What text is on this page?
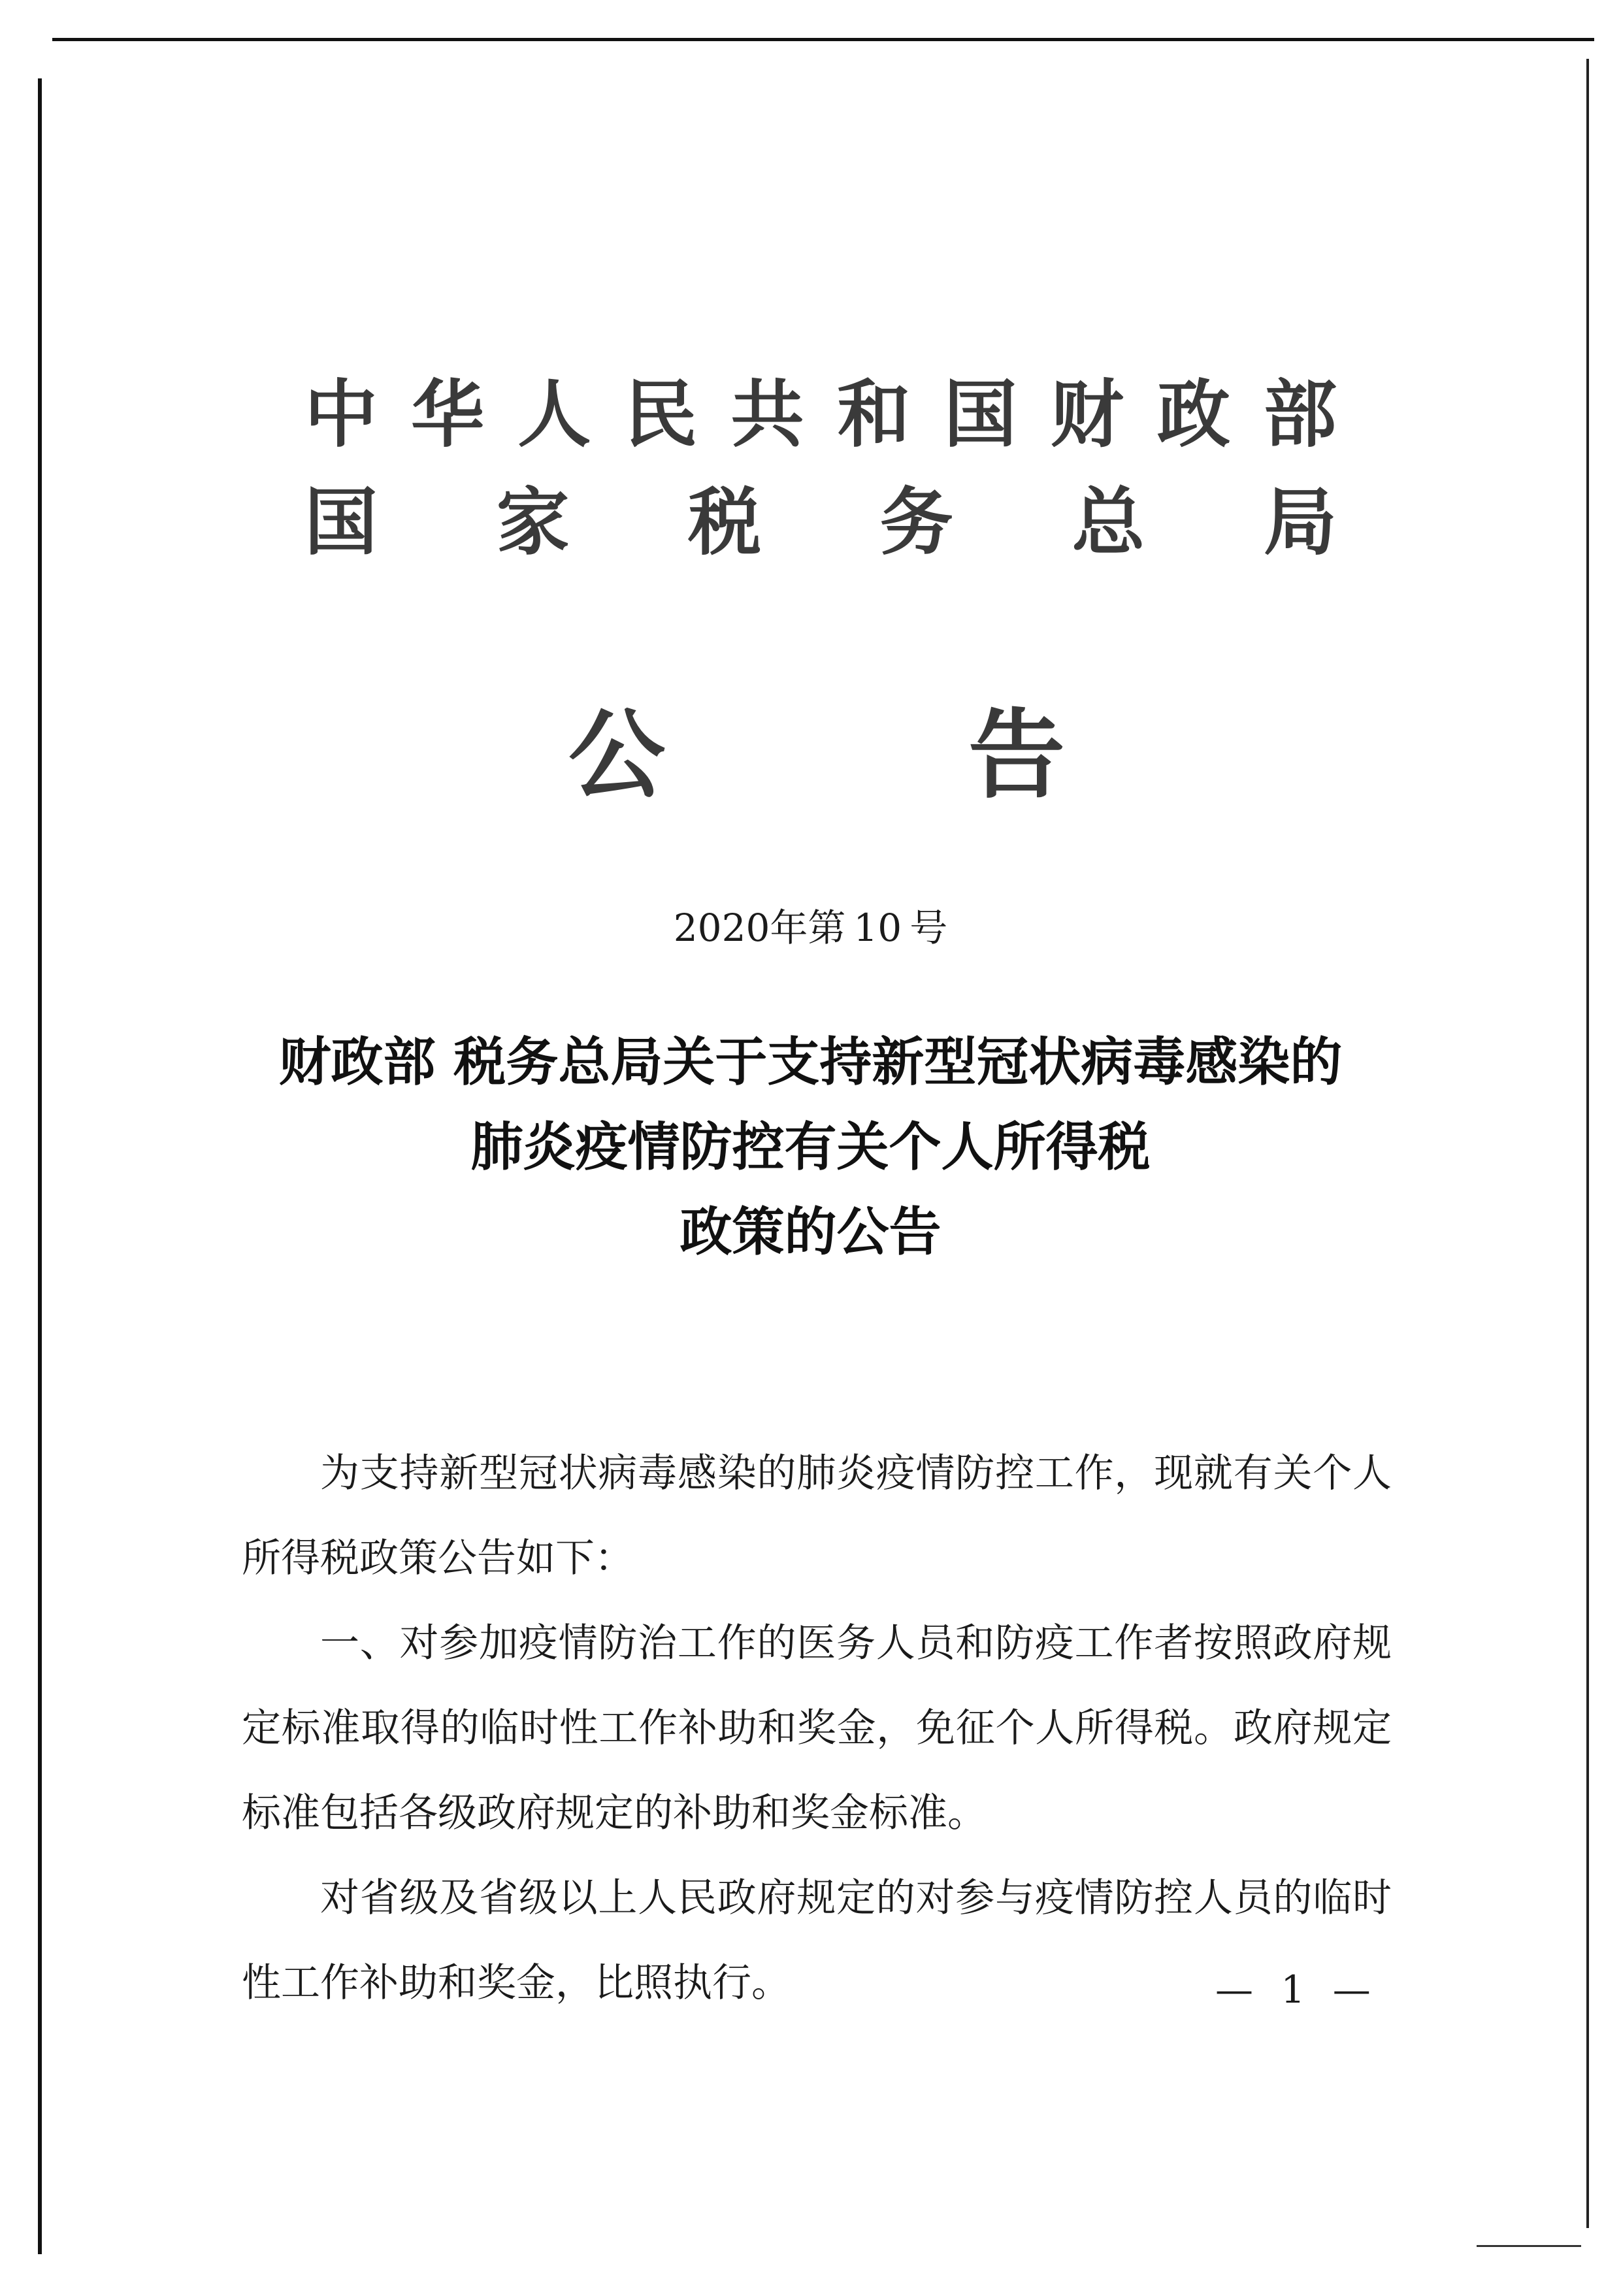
中 华 人 民 共 和 国 财 政 部
国 家 税 务 总 局
公	告
2020年第 10 号
财政部 税务总局关于支持新型冠状病毒感染的
肺炎疫情防控有关个人所得税
政策的公告

为支持新型冠状病毒感染的肺炎疫情防控工作，现就有关个人所得税政策公告如下：

一、对参加疫情防治工作的医务人员和防疫工作者按照政府规定标准取得的临时性工作补助和奖金，免征个人所得税。政府规定标准包括各级政府规定的补助和奖金标准。

对省级及省级以上人民政府规定的对参与疫情防控人员的临时性工作补助和奖金，比照执行。	— 1 —
